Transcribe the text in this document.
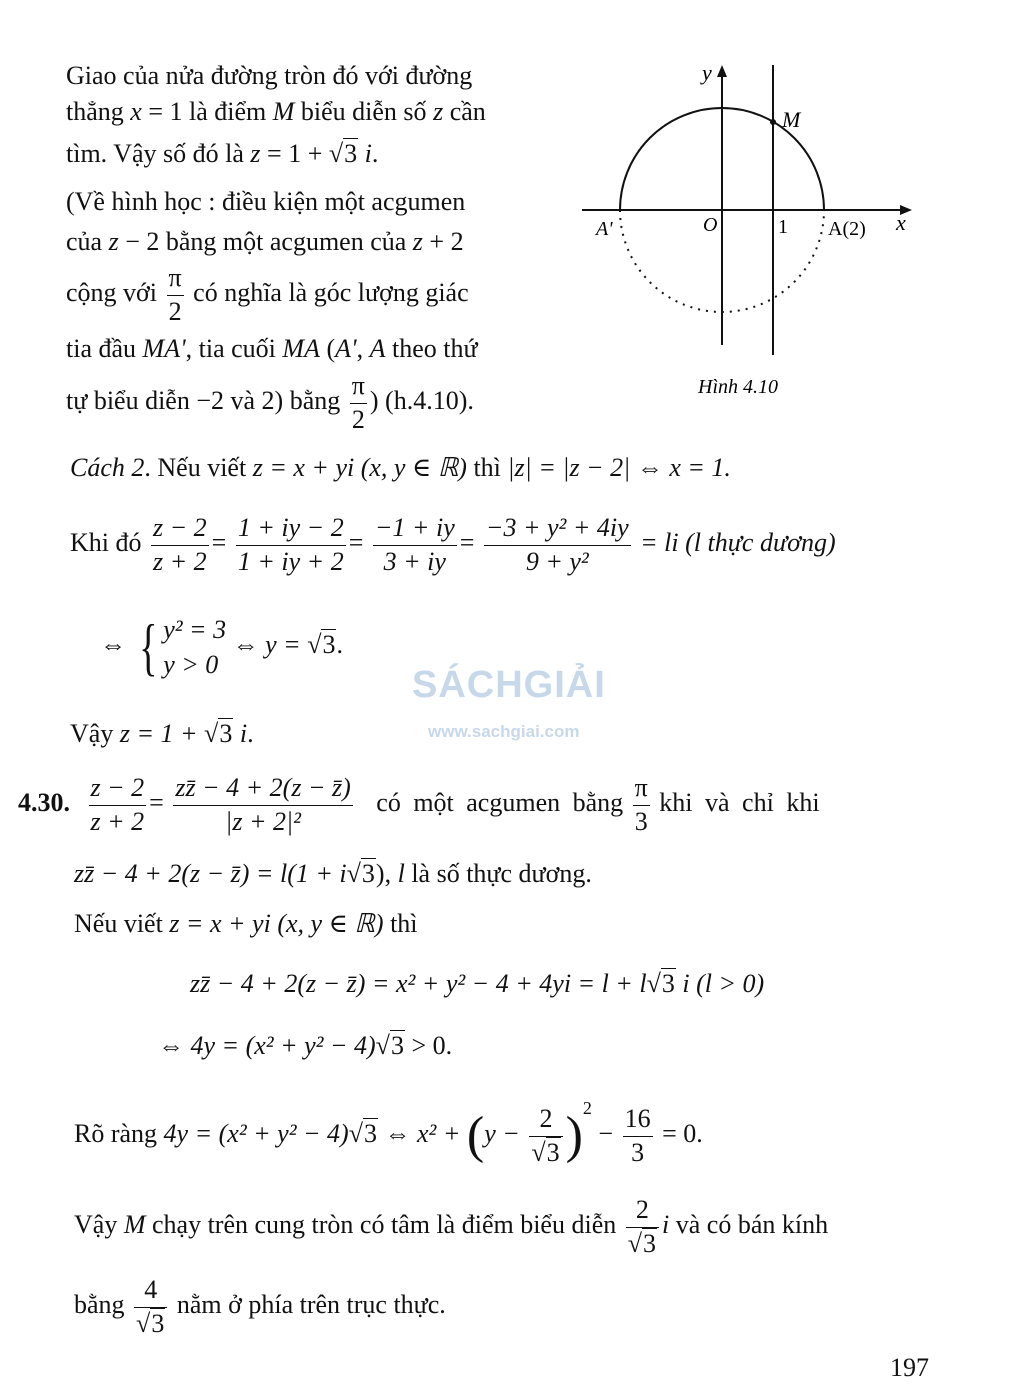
Giao của nửa đường tròn đó với đường
thẳng x = 1 là điểm M biểu diễn số z cần
tìm. Vậy số đó là z = 1 + √3 i.
(Về hình học : điều kiện một acgumen
của z − 2 bằng một acgumen của z + 2
cộng với $\frac{\pi}{2}$ có nghĩa là góc lượng giác
tia đầu MA', tia cuối MA (A', A theo thứ
tự biểu diễn −2 và 2) bằng $\frac{\pi}{2}$ ) (h.4.10).
y
x
M
A'	O	1 A(2)
Hình 4.10
Cách 2. Nếu viết z = x + yi (x, y ∈ ℝ) thì |z| = |z − 2| ⇔ x = 1.
Khi đó $\frac{z - 2}{z + 2} = \frac{1 + iy - 2}{1 + iy + 2} = \frac{-1 + iy}{3 + iy} = \frac{\text{−3 + y² + 4iy}}{\text{9 + y²}}$ = li (l thực dương)
⇔ { y² = 3
y > 0
⇔ y = √3.
Vậy z = 1 + √3 i.
4.30. $\frac{z - 2}{z + 2} = \frac{zz̄ - 4 + 2(z - z̄)}{\text{|z + 2|²}}$ có một acgumen bằng $\frac{\pi}{3}$ khi và chỉ khi
zz̄ − 4 + 2(z − z̄) = l(1 + i√3), l là số thực dương.
Nếu viết z = x + yi (x, y ∈ ℝ) thì
zz̄ − 4 + 2(z − z̄) = x² + y² − 4 + 4yi = l + l√3 i (l > 0)
⇔ 4y = (x² + y² − 4)√3 > 0.
Rõ ràng 4y = (x² + y² − 4)√3 ⇔ $x^2 + (y - \frac{2}{√3} )^2 - \frac{16}{3} = 0$.
Vậy M chạy trên cung tròn có tâm là điểm biểu diễn $\frac{2}{√3}$ i và có bán kính
bằng $\frac{4}{√3}$ nằm ở phía trên trục thực.
SÁCHGIẢI
www.sachgiai.com
197
